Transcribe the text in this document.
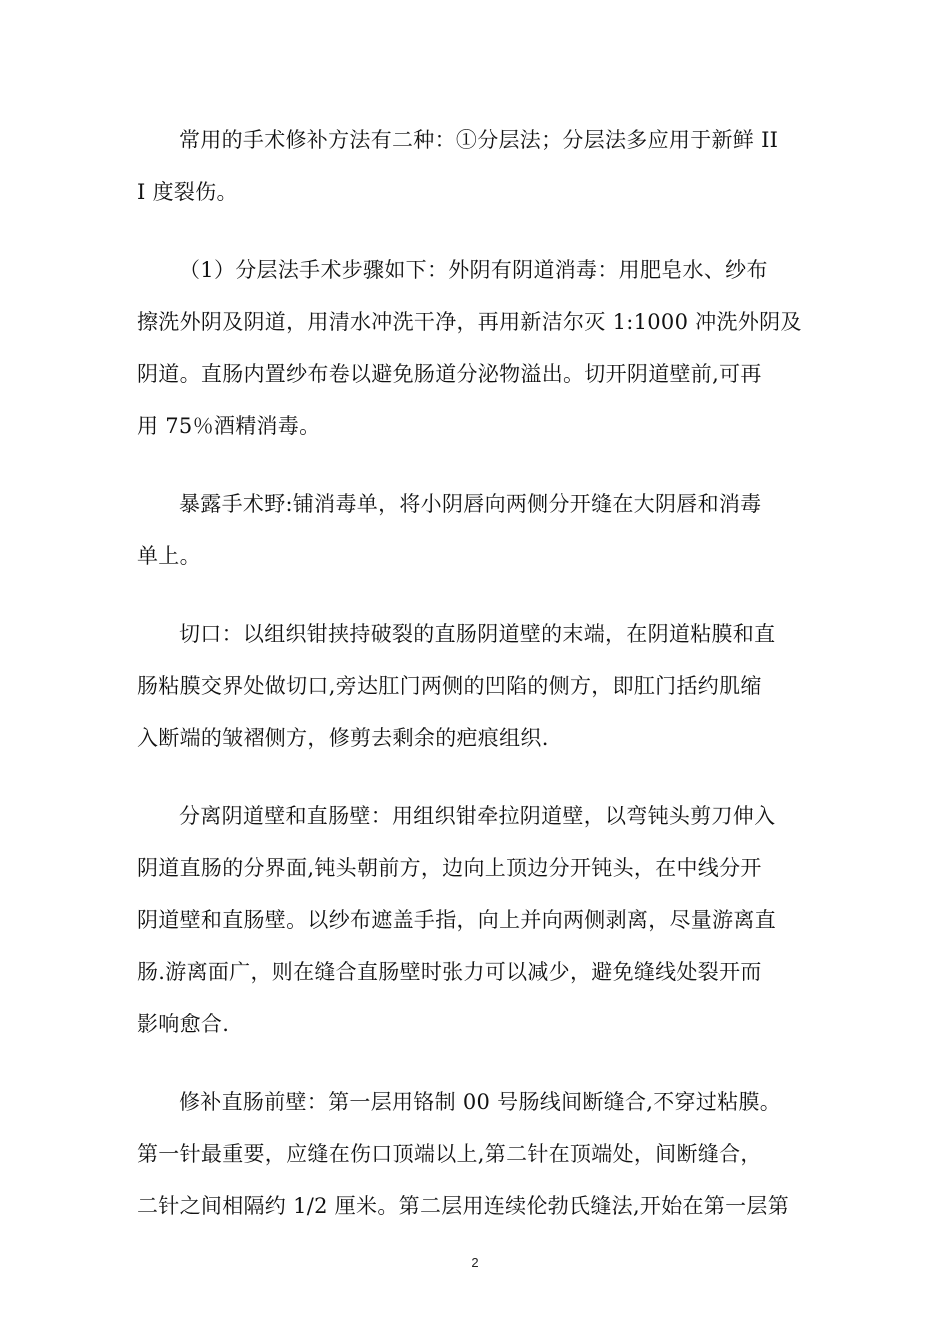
常用的手术修补方法有二种：①分层法；分层法多应用于新鲜 II
I 度裂伤。

（1）分层法手术步骤如下：外阴有阴道消毒：用肥皂水、纱布
擦洗外阴及阴道，用清水冲洗干净，再用新洁尔灭 1:1000 冲洗外阴及
阴道。直肠内置纱布卷以避免肠道分泌物溢出。切开阴道壁前,可再
用 75％酒精消毒。

暴露手术野:铺消毒单，将小阴唇向两侧分开缝在大阴唇和消毒
单上。

切口：以组织钳挟持破裂的直肠阴道壁的末端，在阴道粘膜和直
肠粘膜交界处做切口,旁达肛门两侧的凹陷的侧方，即肛门括约肌缩
入断端的皱褶侧方，修剪去剩余的疤痕组织.

分离阴道壁和直肠壁：用组织钳牵拉阴道壁，以弯钝头剪刀伸入
阴道直肠的分界面,钝头朝前方，边向上顶边分开钝头，在中线分开
阴道壁和直肠壁。以纱布遮盖手指，向上并向两侧剥离，尽量游离直
肠.游离面广，则在缝合直肠壁时张力可以减少，避免缝线处裂开而
影响愈合.

修补直肠前壁：第一层用铬制 00 号肠线间断缝合,不穿过粘膜。
第一针最重要，应缝在伤口顶端以上,第二针在顶端处，间断缝合，
二针之间相隔约 1/2 厘米。第二层用连续伦勃氏缝法,开始在第一层第

2
